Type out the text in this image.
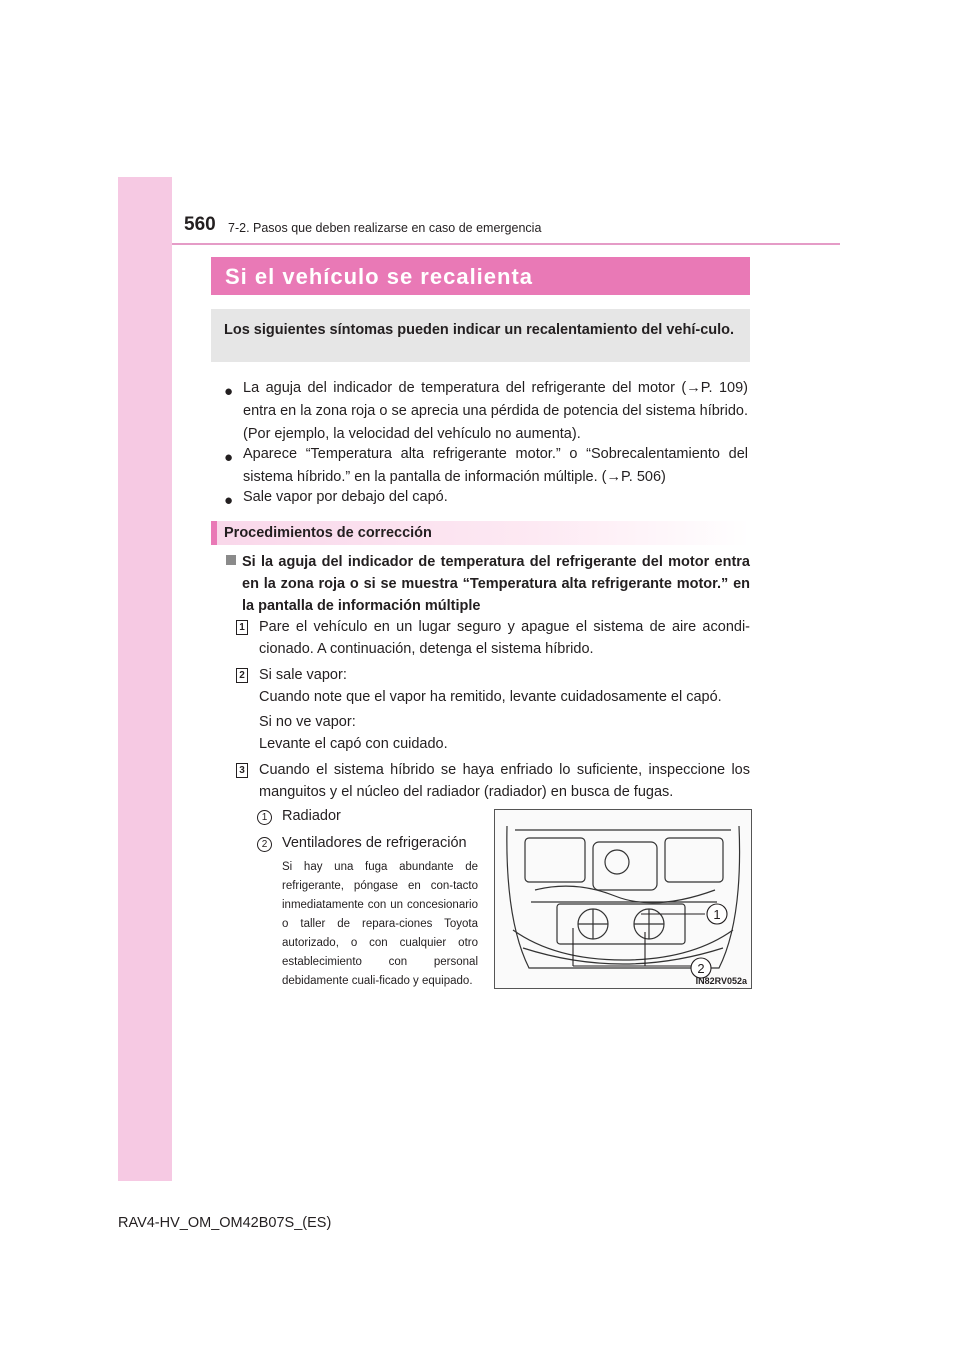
560 7-2. Pasos que deben realizarse en caso de emergencia
Si el vehículo se recalienta
Los siguientes síntomas pueden indicar un recalentamiento del vehí-culo.
● La aguja del indicador de temperatura del refrigerante del motor (→P. 109) entra en la zona roja o se aprecia una pérdida de potencia del sistema híbrido. (Por ejemplo, la velocidad del vehículo no aumenta).
● Aparece “Temperatura alta refrigerante motor.” o “Sobrecalentamiento del sistema híbrido.” en la pantalla de información múltiple. (→P. 506)
● Sale vapor por debajo del capó.
Procedimientos de corrección
Si la aguja del indicador de temperatura del refrigerante del motor entra en la zona roja o si se muestra “Temperatura alta refrigerante motor.” en la pantalla de información múltiple
1 Pare el vehículo en un lugar seguro y apague el sistema de aire acondi-cionado. A continuación, detenga el sistema híbrido.
2 Si sale vapor:
Cuando note que el vapor ha remitido, levante cuidadosamente el capó.
Si no ve vapor:
Levante el capó con cuidado.
3 Cuando el sistema híbrido se haya enfriado lo suficiente, inspeccione los manguitos y el núcleo del radiador (radiador) en busca de fugas.
1	Radiador
2	Ventiladores de refrigeración
Si hay una fuga abundante de refrigerante, póngase en con-tacto inmediatamente con un concesionario o taller de repara-ciones Toyota autorizado, o con cualquier otro establecimiento con personal debidamente cuali-ficado y equipado.
1
2
IN82RV052a
RAV4-HV_OM_OM42B07S_(ES)
